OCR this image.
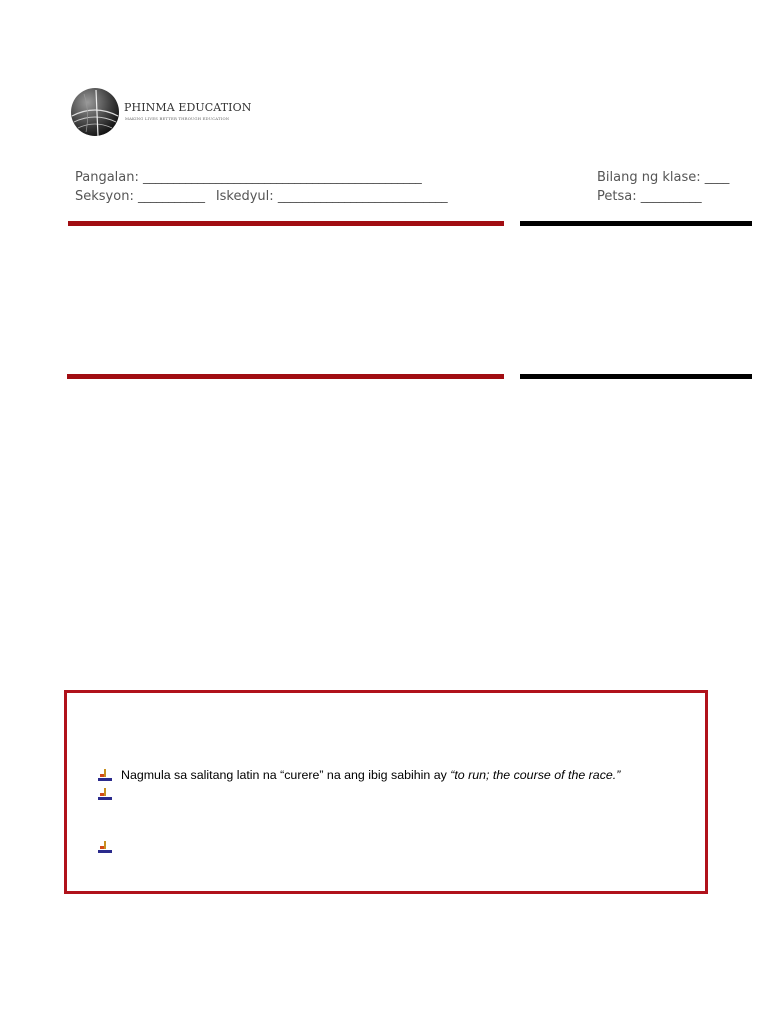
PHINMA EDUCATION
MAKING LIVES BETTER THROUGH EDUCATION
Pangalan: ______________________________________________
Seksyon: ___________ Iskedyul: ____________________________
Bilang ng klase: ____
Petsa: __________
Nagmula sa salitang latin na “curere” na ang ibig sabihin ay “to run; the course of the race.”
